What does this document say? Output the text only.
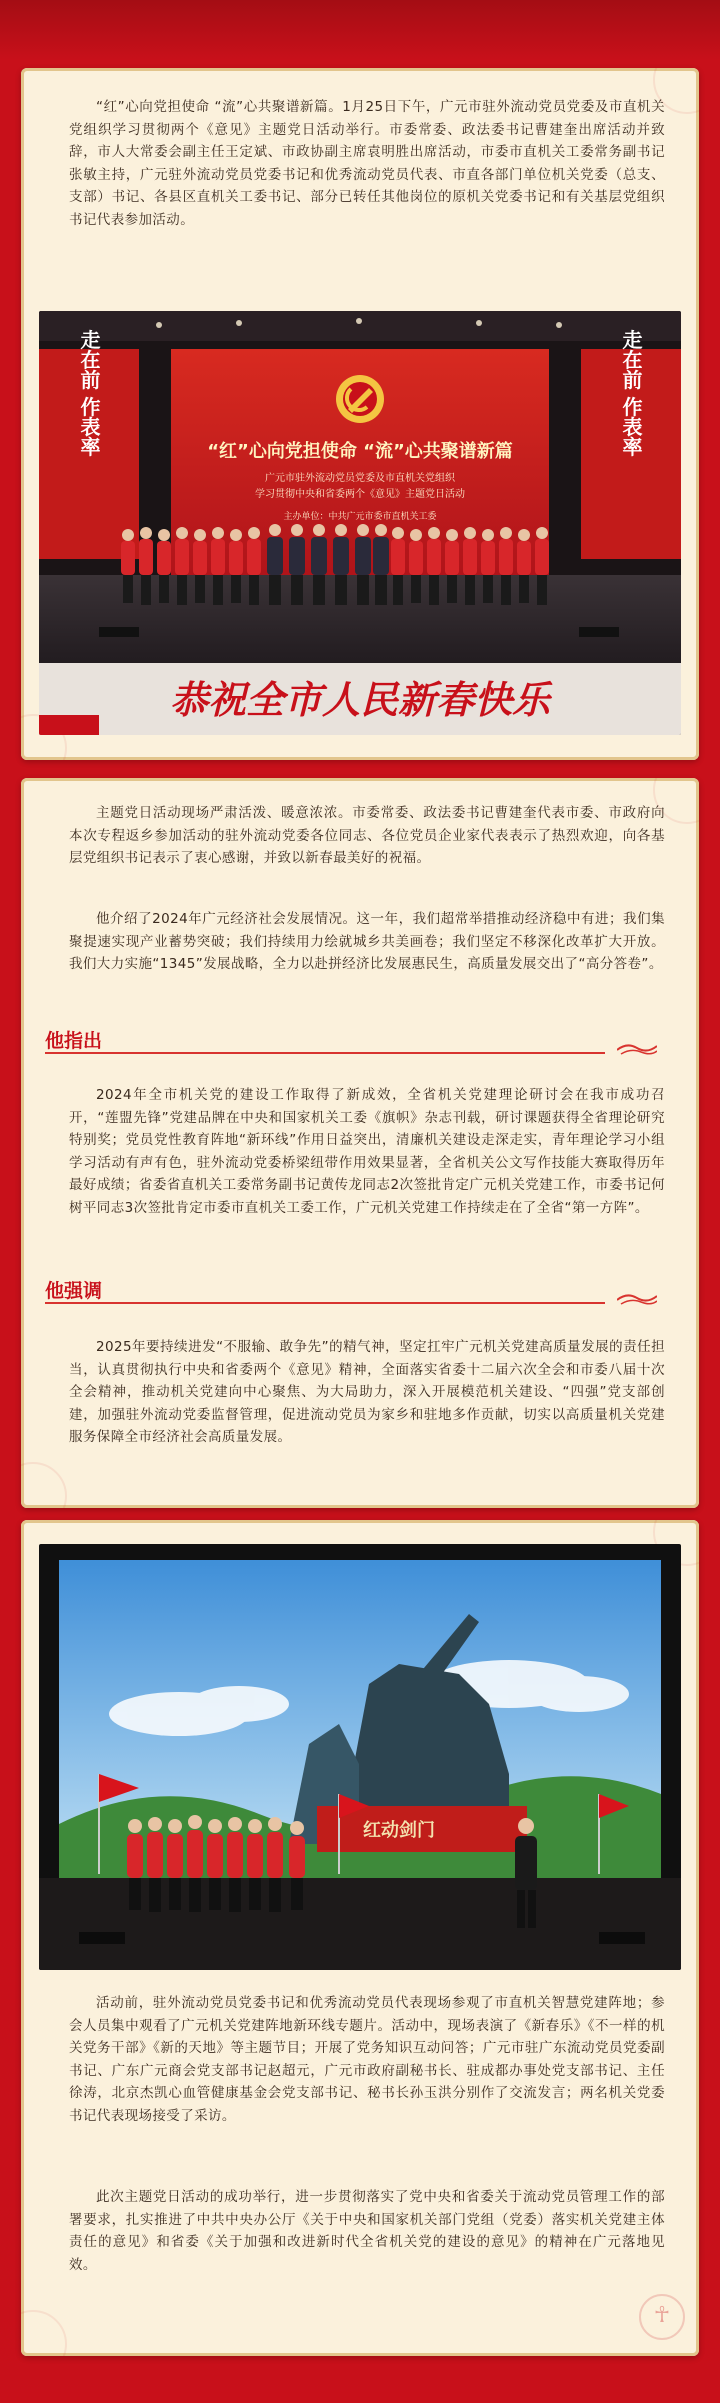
“红”心向党担使命 “流”心共聚谱新篇。1月25日下午，广元市驻外流动党员党委及市直机关党组织学习贯彻两个《意见》主题党日活动举行。市委常委、政法委书记曹建奎出席活动并致辞，市人大常委会副主任王定斌、市政协副主席袁明胜出席活动，市委市直机关工委常务副书记张敏主持，广元驻外流动党员党委书记和优秀流动党员代表、市直各部门单位机关党委（总支、支部）书记、各县区直机关工委书记、部分已转任其他岗位的原机关党委书记和有关基层党组织书记代表参加活动。

“红”心向党担使命 “流”心共聚谱新篇
广元市驻外流动党员党委及市直机关党组织
学习贯彻中央和省委两个《意见》主题党日活动
主办单位：中共广元市委市直机关工委
走在前 作表率	走在前 作表率
恭祝全市人民新春快乐

主题党日活动现场严肃活泼、暖意浓浓。市委常委、政法委书记曹建奎代表市委、市政府向本次专程返乡参加活动的驻外流动党委各位同志、各位党员企业家代表表示了热烈欢迎，向各基层党组织书记表示了衷心感谢，并致以新春最美好的祝福。

他介绍了2024年广元经济社会发展情况。这一年，我们超常举措推动经济稳中有进；我们集聚提速实现产业蓄势突破；我们持续用力绘就城乡共美画卷；我们坚定不移深化改革扩大开放。我们大力实施“1345”发展战略，全力以赴拼经济比发展惠民生，高质量发展交出了“高分答卷”。

他指出

2024年全市机关党的建设工作取得了新成效，全省机关党建理论研讨会在我市成功召开，“莲盟先锋”党建品牌在中央和国家机关工委《旗帜》杂志刊载，研讨课题获得全省理论研究特别奖；党员党性教育阵地“新环线”作用日益突出，清廉机关建设走深走实，青年理论学习小组学习活动有声有色，驻外流动党委桥梁纽带作用效果显著，全省机关公文写作技能大赛取得历年最好成绩；省委省直机关工委常务副书记黄传龙同志2次签批肯定广元机关党建工作，市委书记何树平同志3次签批肯定市委市直机关工委工作，广元机关党建工作持续走在了全省“第一方阵”。

他强调

2025年要持续进发“不服输、敢争先”的精气神，坚定扛牢广元机关党建高质量发展的责任担当，认真贯彻执行中央和省委两个《意见》精神，全面落实省委十二届六次全会和市委八届十次全会精神，推动机关党建向中心聚焦、为大局助力，深入开展模范机关建设、“四强”党支部创建，加强驻外流动党委监督管理，促进流动党员为家乡和驻地多作贡献，切实以高质量机关党建服务保障全市经济社会高质量发展。

☥
红动剑门

活动前，驻外流动党员党委书记和优秀流动党员代表现场参观了市直机关智慧党建阵地；参会人员集中观看了广元机关党建阵地新环线专题片。活动中，现场表演了《新春乐》《不一样的机关党务干部》《新的天地》等主题节目；开展了党务知识互动问答；广元市驻广东流动党员党委副书记、广东广元商会党支部书记赵超元，广元市政府副秘书长、驻成都办事处党支部书记、主任徐涛，北京杰凯心血管健康基金会党支部书记、秘书长孙玉洪分别作了交流发言；两名机关党委书记代表现场接受了采访。

此次主题党日活动的成功举行，进一步贯彻落实了党中央和省委关于流动党员管理工作的部署要求，扎实推进了中共中央办公厅《关于中央和国家机关部门党组（党委）落实机关党建主体责任的意见》和省委《关于加强和改进新时代全省机关党的建设的意见》的精神在广元落地见效。
